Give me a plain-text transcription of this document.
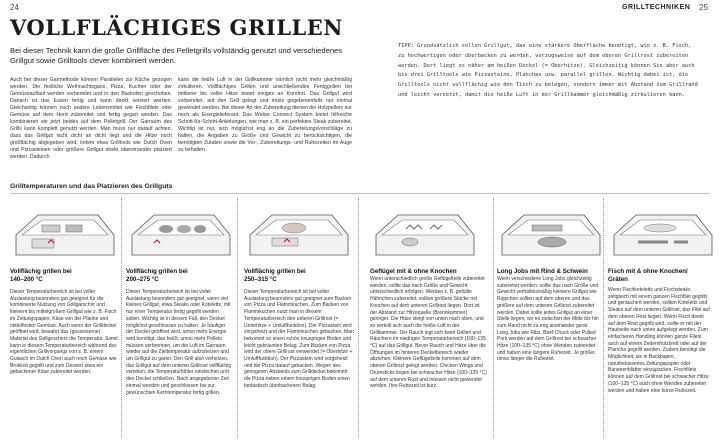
24	GRILLTECHNIKEN 25
VOLLFLÄCHIGES GRILLEN
Bei dieser Technik kann die große Grillfläche des Pelletgrills vollständig genutzt und verschiedenes Grillgut sowie Grilltools clever kombiniert werden.
Auch bei dieser Garmethode können Parallelen zur Küche gezogen werden. Die festliche Weihnachtsgans, Pizza, Kuchen oder der Gemüseauflauf werden vorbereitet und in den Backofen geschoben. Danach ist das Essen fertig und kann direkt serviert werden. Gleichzeitig können noch andere Lebensmittel wie Fischfilets oder Gemüse auf dem Herd zubereitet und fertig gegart werden. Das kombinieren wir jetzt beides auf dem Pelletgrill. Der Garraum des Grills kann komplett genutzt werden. Man muss nur darauf achten, dass das Grillgut nicht dicht an dicht liegt und die Hitze noch großflächig abgegeben wird, indem etwa Grilltools wie Dutch Oven und Pizzasteinen oder größere Grillgut direkt übereinander platziert werden. Dadurch
kann die heiße Luft in der Grillkammer nämlich nicht mehr gleichmäßig zirkulieren. Vollflächiges Grillen und anschließendes Fertiggrillen bei mittlerer bis voller Hitze bietet einiges an Komfort. Das Grillgut wird vorbereitet, auf den Grill gelegt und muss gegebenenfalls nur einmal gewendet werden. Bei dieser Art der Zubereitung dienen die Holzpellets nur noch als Energielieferant. Das Weber Connect System bietet hilfreiche Schritt-für-Schritt-Anleitungen, wie man z. B. ein perfektes Steak zubereitet. Wichtig ist nur, sich möglichst eng an die Zubereitungsvorschläge zu halten, die Angaben zu Größe und Gewicht zu berücksichtigen, die benötigten Zutaten sowie die Vor-, Zubereitungs- und Ruhezeiten im Auge zu behalten.
TIPP: Grundsätzlich sollen Grillgut, das eine stärkere Oberfläche benötigt, wie z. B. Fisch, zu hochwertigen oder überbacken zu werden, vorzugsweise auf dem oberen Grillrost zubereiten werden. Dort liegt es näher am heißen Deckel (= Oberhitze). Gleichzeitig können Sie aber auch bis drei Grilltools wie Pizzasteine, Planchas usw. parallel grillen. Wichtig dabei ist, die Grilltools nicht vollflächig wie den Tisch zu belegen, sondern immer mit Abstand zum Grillrand und leicht versetzt, damit die heiße Luft in der Grillkammer gleichmäßig zirkulieren kann.
Grilltemperaturen und das Platzieren des Grillguts
Vollflächig grillen bei
140–200 °C
Dieser Temperaturbereich ist bei voller Auslastung besonders gut geeignet für die kombinierte Nutzung von Grillgarschirr und kleinem bis mittelgroßem Grillgut wie z. B. Fisch im Zeitungspapier, Käse von der Planke und mittelfesten Gemüse. Auch wenn der Grilldeckel geöffnet wird, bewahrt das (gusseiserne) Material des Grillgeschirrs die Temperatur. Somit kann in diesem Temperaturbereich während des eigentlichen Grillvorgangs von z. B. einem Gulasch im Dutch Oven auch noch Gemüse wie Brokkoli gegrillt und zum Dessert etwa ein gebackener Käse zubereitet werden.
Vollflächig grillen bei
200–275 °C
Dieser Temperaturbereich ist bei voller Auslastung besonders gut geeignet, wenn viel kleines Grillgut, etwa Steaks oder Koteletts, mit nur einer Temperatur fertig gegrillt werden sollen. Wichtig ist in diesem Fall, den Deckel möglichst geschlossen zu halten. Je häufiger der Deckel geöffnet wird, umso mehr Energie wird benötigt, das heißt, umso mehr Pellets müssen verbrennen, um die Luft im Garraum wieder auf die Zieltemperatur aufzuheizen und um Grillgut zu garen. Den Grill also vorheizen, das Grillgut auf dem unteren Grillrost vollflächig verteilen, die Temperaturfühler einstechen und den Deckel schließen. Nach angegebener Zeit einmal wenden und geschlossen bis zur gewünschten Kerntemperatur fertig grillen.
Vollflächig grillen bei
250–315 °C
Dieser Temperaturbereich ist bei voller Auslastung besonders gut geeignet zum Backen von Pizza und Flammkuchen. Zum Backen von Flammkuchen nutzt man in diesem Temperaturbereich den unteren Grillrost (= Unterhitze + Umluftfunktion). Der Pizzastein wird vorgeheizt und der Flammkuchen gebacken. Man bekommt so einen schön knusprigen Boden und leicht gebräunten Belag. Zum Backen von Pizza wird der obere Grillrost verwendet (= Oberhitze + Umluftfunktion). Der Pizzastein wird vorgeheizt und die Pizza darauf gebacken. Wegen des geringeren Abstands zum Grilldeckel bekommt die Pizza neben einem knusprigen Boden einen fantastisch überbackenen Belag.
Geflügel mit & ohne Knochen
Wenn unterschiedlich große Geflügelteile zubereitet werden, sollte das nach Größe und Gewicht unterschiedlich erfolgen. Werden z. B. gefüllte Hähnchen zubereitet, sollten größere Stücke mit Knochen auf dem unteren Grillrost liegen. Dort ist der Abstand zur Hitzequelle (Brennkammer) geringer. Die Hitze steigt von unten nach oben, und so verteilt sich auch die heiße Luft in der Grillkammer. Der Rauch legt sich beim Grillen und Räuchern im niedrigen Temperaturbereich (100–135 °C) auf das Grillgut. Bevor Rauch und Hitze über die Öffnungen im hinteren Deckelbereich wieder abziehen. Kleinere Geflügelteile kommen auf dem oberen Grillrost gelegt werden. Chicken Wings und Drumsticks liegen bei schwacher Hitze (100–135 °C) auf dem unteren Rost und müssen nicht gewendet werden. Ihre Ruhezeit ist kurz.
Long Jobs mit Rind & Schwein
Wenn verschiedene Long Jobs gleichzeitig zubereitet werden, sollte das nach Größe und Gewicht verhältnismäßig kleinere Grillgut wie Rippchen sollten auf dem oberen und das größere auf dem unteren Grillrost zubereitet werden. Dabei sollte jedes Grillgut an einer Stelle liegen, wo es zwischen der Mitte bis hin zum Rand nicht zu eng aneinander gerät. Long Jobs wie Ribs, Beef Chuck oder Pulled Pork werden auf dem Grillrost bei schwacher Hitze (100–135 °C) ohne Wenden zubereitet und haben eine längere Ruhezeit. Je größer, umso länger die Ruhezeit.
Fisch mit & ohne Knochen/
Gräten
Wenn Fischkoteletts und Fischsteaks zeitgleich mit einem ganzen Fischfilet gegrillt und geräuchert werden, sollten Koteletts und Steaks auf dem unteren Grillrost, das Filet auf dem oberen Rost liegen. Wenn Fisch direkt auf dem Rost gegrillt wird, sollte er mit der Hautseite nach unten aufgelegt werden. Zum einfacheren Handling können ganze Filets auch auf einem Zedernholzbrett oder auf der Plancha gegrillt werden. Zudem benötigt die Möglichkeit, sie in Backpapier, naturbelassenes Zeitungspapier oder Bananenblätter einzupacken. Fischfilets können auf dem Grillrost bei schwacher Hitze (100–135 °C) auch ohne Wenden zubereitet werden und haben eine kurze Ruhezeit.
